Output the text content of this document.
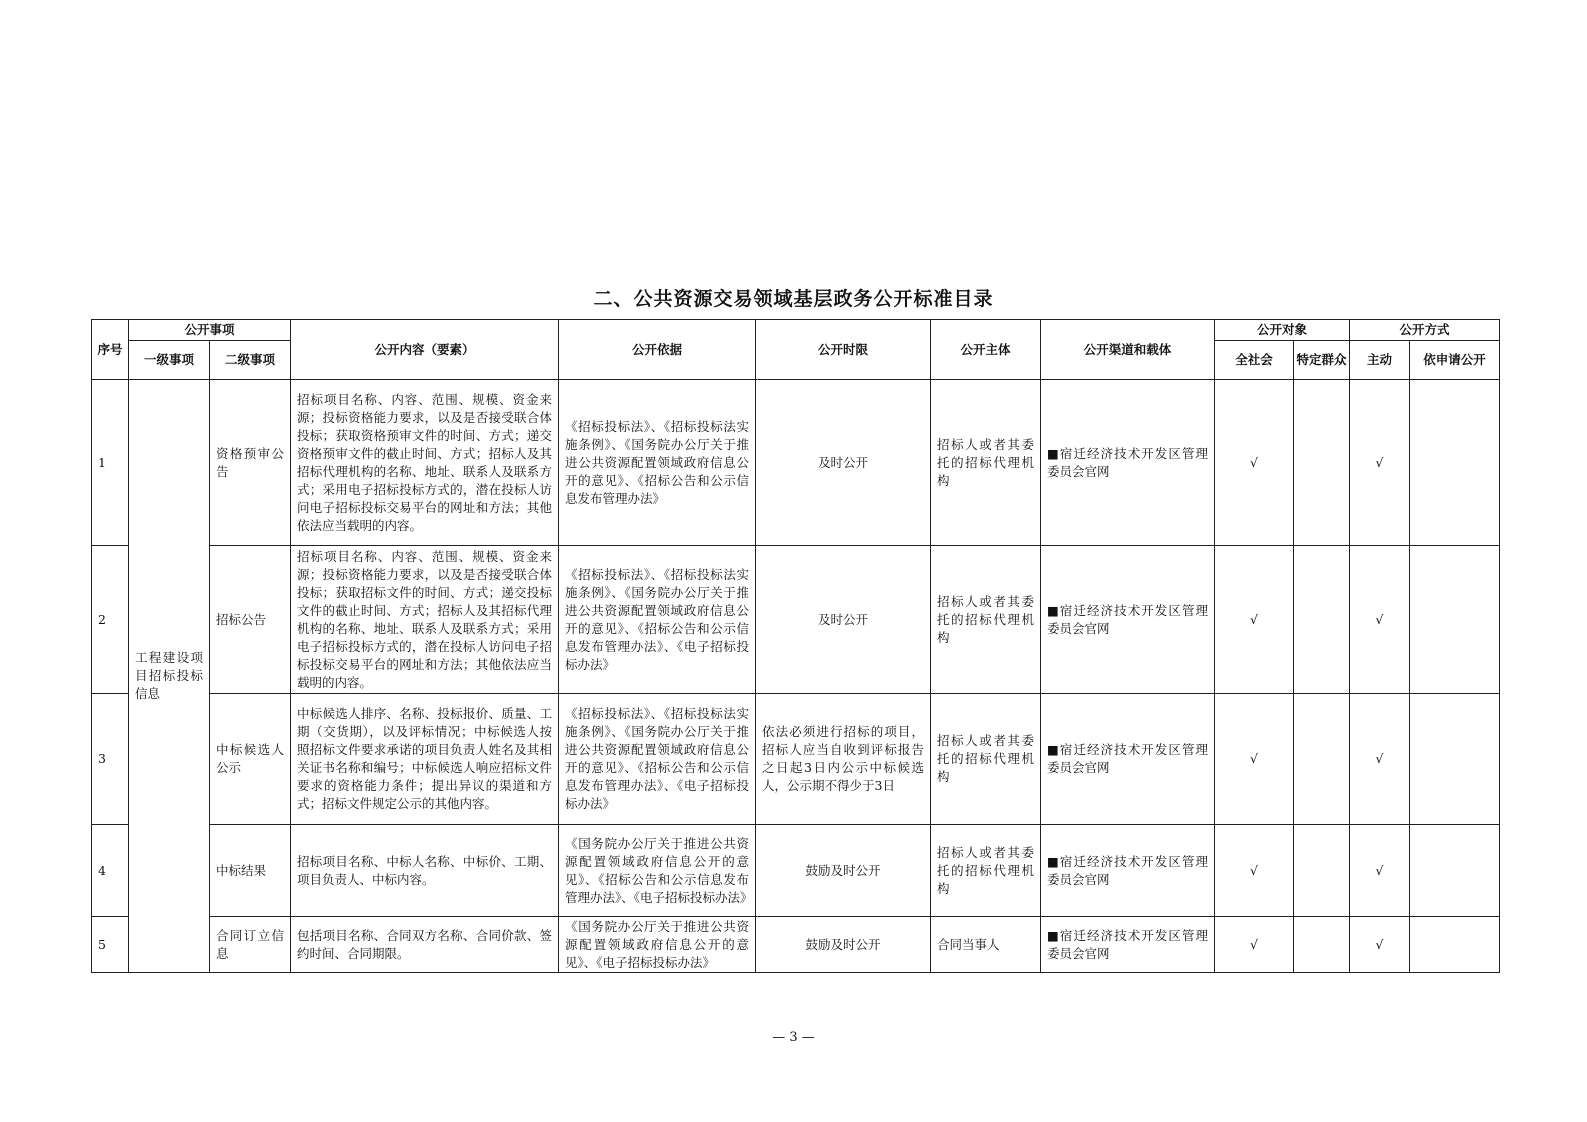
二、公共资源交易领域基层政务公开标准目录
序号	公开事项		公开内容（要素）	公开依据	公开时限	公开主体	公开渠道和载体	公开对象		公开方式	
	一级事项	二级事项						全社会	特定群众	主动	依申请公开
1	工程建设项目招标投标信息	资格预审公告	招标项目名称、内容、范围、规模、资金来源；投标资格能力要求，以及是否接受联合体投标；获取资格预审文件的时间、方式；递交资格预审文件的截止时间、方式；招标人及其招标代理机构的名称、地址、联系人及联系方式；采用电子招标投标方式的，潜在投标人访问电子招标投标交易平台的网址和方法；其他依法应当载明的内容。	《招标投标法》、《招标投标法实施条例》、《国务院办公厅关于推进公共资源配置领域政府信息公开的意见》、《招标公告和公示信息发布管理办法》	及时公开	招标人或者其委托的招标代理机构	■宿迁经济技术开发区管理委员会官网	√		√	
2		招标公告	招标项目名称、内容、范围、规模、资金来源；投标资格能力要求，以及是否接受联合体投标；获取招标文件的时间、方式；递交投标文件的截止时间、方式；招标人及其招标代理机构的名称、地址、联系人及联系方式；采用电子招标投标方式的，潜在投标人访问电子招标投标交易平台的网址和方法；其他依法应当载明的内容。	《招标投标法》、《招标投标法实施条例》、《国务院办公厅关于推进公共资源配置领域政府信息公开的意见》、《招标公告和公示信息发布管理办法》、《电子招标投标办法》	及时公开	招标人或者其委托的招标代理机构	■宿迁经济技术开发区管理委员会官网	√		√	
3		中标候选人公示	中标候选人排序、名称、投标报价、质量、工期（交货期），以及评标情况；中标候选人按照招标文件要求承诺的项目负责人姓名及其相关证书名称和编号；中标候选人响应招标文件要求的资格能力条件；提出异议的渠道和方式；招标文件规定公示的其他内容。	《招标投标法》、《招标投标法实施条例》、《国务院办公厅关于推进公共资源配置领域政府信息公开的意见》、《招标公告和公示信息发布管理办法》、《电子招标投标办法》	依法必须进行招标的项目，招标人应当自收到评标报告之日起3日内公示中标候选人，公示期不得少于3日	招标人或者其委托的招标代理机构	■宿迁经济技术开发区管理委员会官网	√		√	
4		中标结果	招标项目名称、中标人名称、中标价、工期、项目负责人、中标内容。	《国务院办公厅关于推进公共资源配置领域政府信息公开的意见》、《招标公告和公示信息发布管理办法》、《电子招标投标办法》	鼓励及时公开	招标人或者其委托的招标代理机构	■宿迁经济技术开发区管理委员会官网	√		√	
5		合同订立信息	包括项目名称、合同双方名称、合同价款、签约时间、合同期限。	《国务院办公厅关于推进公共资源配置领域政府信息公开的意见》、《电子招标投标办法》	鼓励及时公开	合同当事人	■宿迁经济技术开发区管理委员会官网	√		√	
— 3 —
